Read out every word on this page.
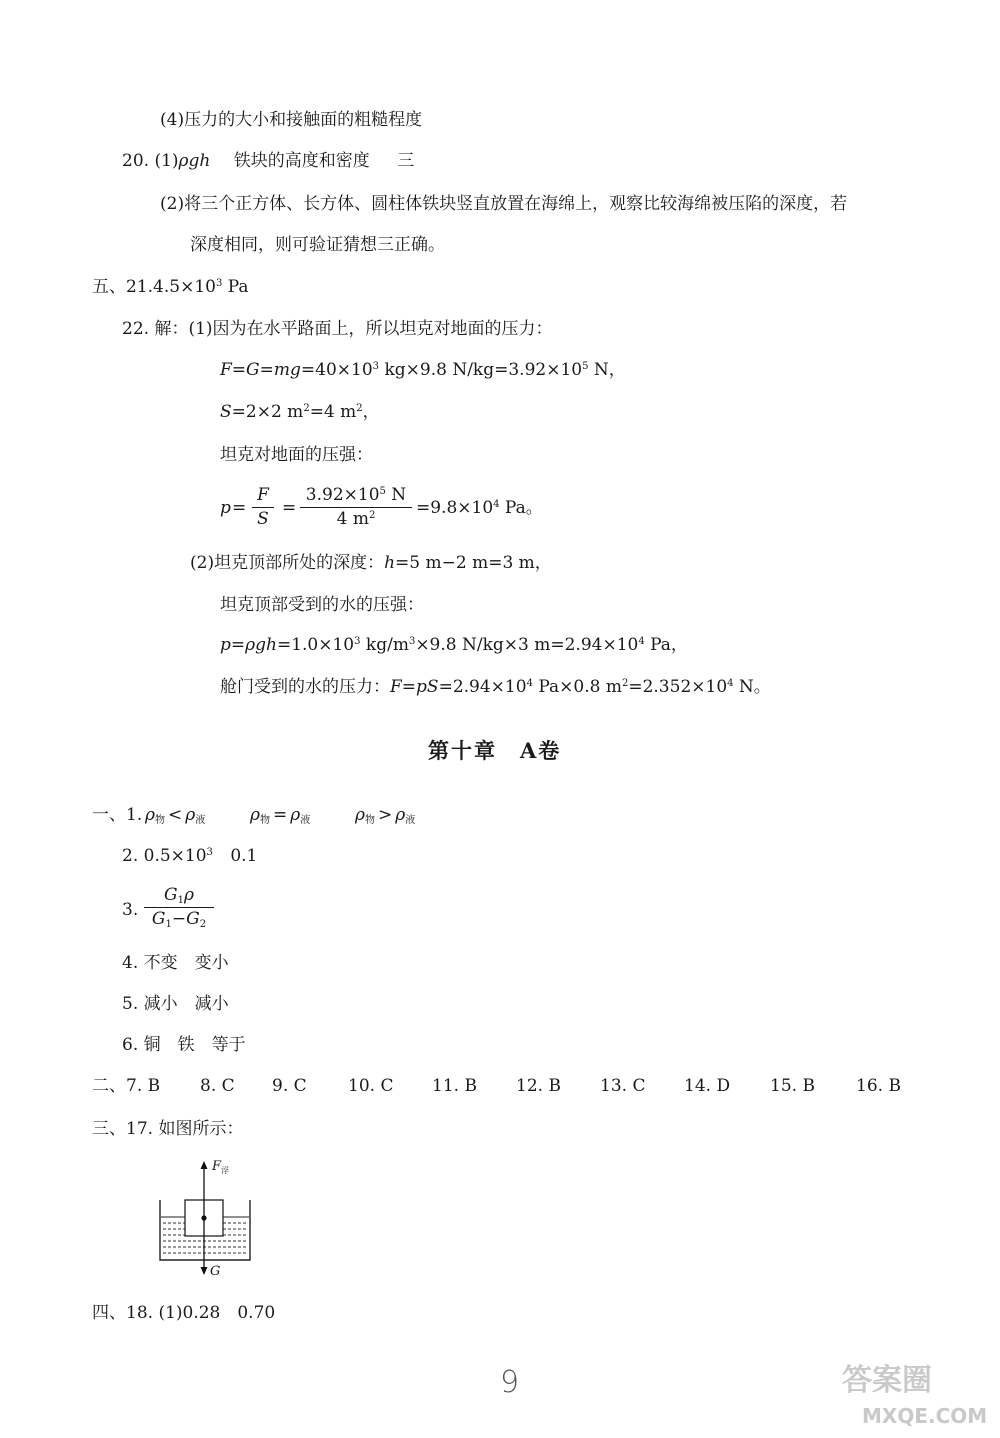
(4)压力的大小和接触面的粗糙程度
20. (1)ρgh 铁块的高度和密度 三
(2)将三个正方体、长方体、圆柱体铁块竖直放置在海绵上，观察比较海绵被压陷的深度，若
深度相同，则可验证猜想三正确。
五、$21.4.5\times 10^3$ Pa
22. 解：(1)因为在水平路面上，所以坦克对地面的压力：
$F=G=mg=40\times 10^3$ kg×9.8 $N/kg=3.92\times 10^5$ N，
S=2×2 $m^2=4$ $m^2$，
坦克对地面的压强：
p =
F
S
=
$3.92\times 10^5$ N
4 $m^2$	$=9.8\times 10^4$ Pa。
(2)坦克顶部所处的深度：h=5 m−2 m=3 m，
坦克顶部受到的水的压强：
$p=\rho gh=1.0\times 10^3$ $kg/m^3\times 9.8$ N/kg×3 $m=2.94\times 10^4$ Pa，
舱门受到的水的压力：$F=pS=2.94\times 10^4$ Pa×0.8 $m^2=2.352\times 10^4$ N。
第十章　A卷
一、1. $\rho_物 < \rho_液$	$\rho_物 = \rho_液$	$\rho_物 > \rho_液$
2. $0.5\times 10^3$ 0.1
3.
$G_1\rho$
$G_1-G_2$
4. 不变　变小
5. 减小　减小
6. 铜　铁　等于
二、7. B 8. C 9. C 10. C 11. B 12. B 13. C 14. D 15. B 16. B
三、17. 如图所示：
$F_浮$
G
四、18. (1)0.28　0.70
9	答案圈
MXQE.COM
